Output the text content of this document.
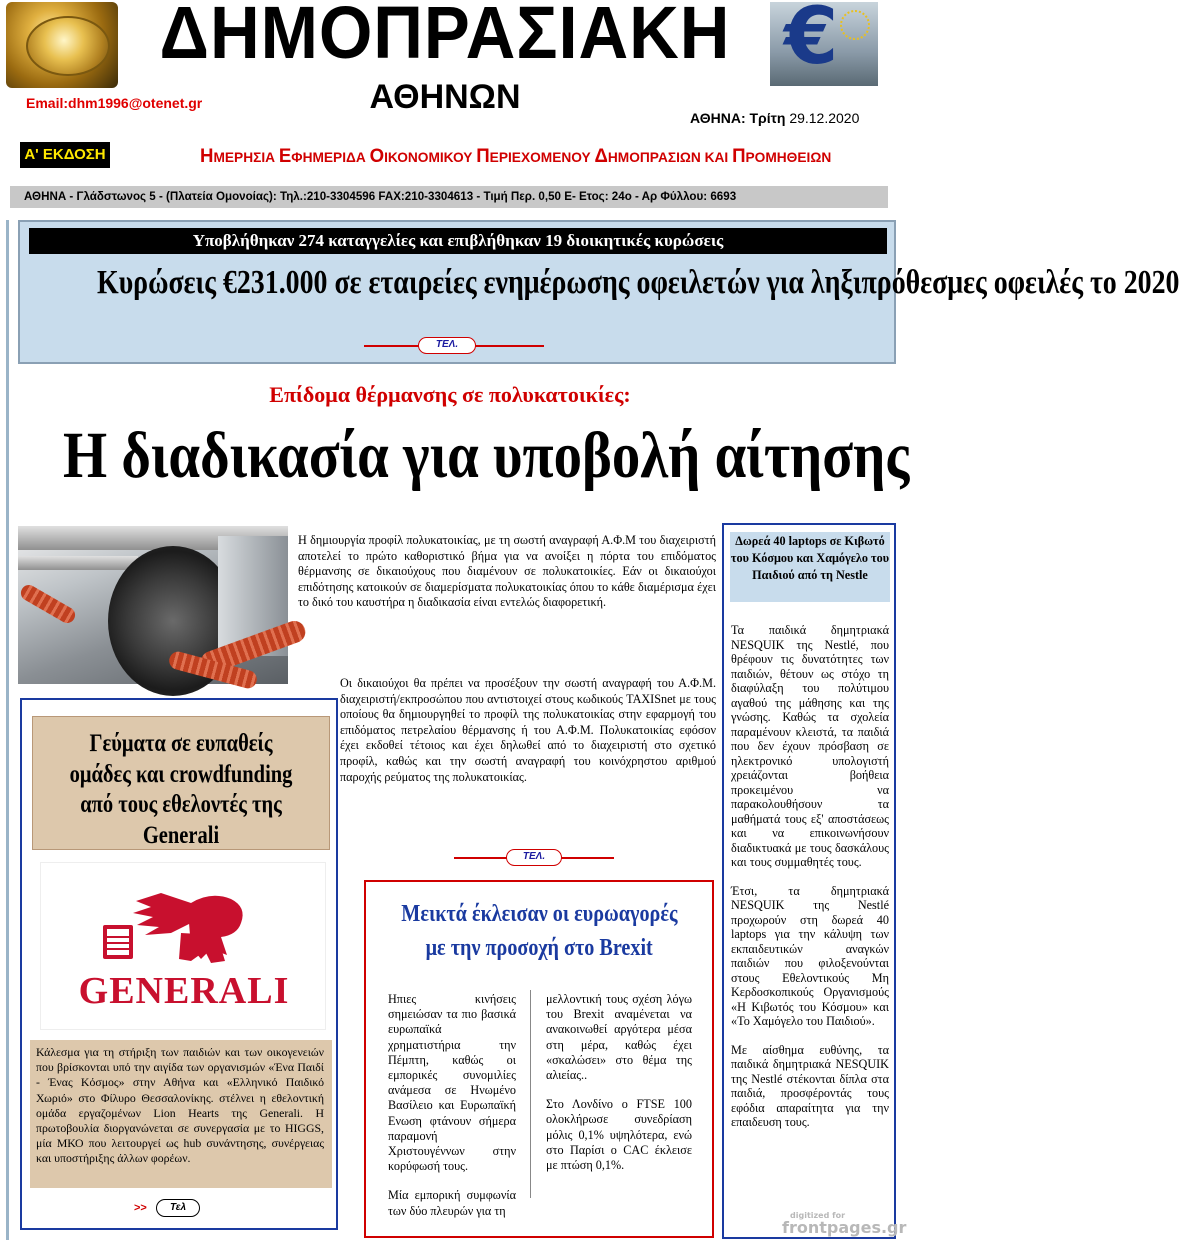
ΔΗΜΟΠΡΑΣΙΑΚΗ €
ΑΘΗΝΩΝ
Email:dhm1996@otenet.gr
ΑΘΗΝΑ: Τρίτη 29.12.2020
Α' ΕΚΔΟΣΗ	ΗΜΕΡΗΣΙΑ ΕΦΗΜΕΡΙΔΑ ΟΙΚΟΝΟΜΙΚΟΥ ΠΕΡΙΕΧΟΜΕΝΟΥ ΔΗΜΟΠΡΑΣΙΩΝ ΚΑΙ ΠΡΟΜΗΘΕΙΩΝ
ΑΘΗΝΑ - Γλάδστωνος 5 - (Πλατεία Ομονοίας): Τηλ.:210-3304596 FAX:210-3304613 - Τιμή Περ. 0,50 Ε- Ετος: 24ο - Αρ Φύλλου: 6693
Υποβλήθηκαν 274 καταγγελίες και επιβλήθηκαν 19 διοικητικές κυρώσεις
Κυρώσεις €231.000 σε εταιρείες ενημέρωσης οφειλετών για ληξιπρόθεσμες οφειλές το 2020
ΤΕΛ.
Επίδομα θέρμανσης σε πολυκατοικίες:
Η διαδικασία για υποβολή αίτησης
Η δημιουργία προφίλ πολυκατοικίας, με τη σωστή αναγραφή Α.Φ.Μ του διαχειριστή αποτελεί το πρώτο καθοριστικό βήμα για να ανοίξει η πόρτα του επιδόματος θέρμανσης σε δικαιούχους που διαμένουν σε πολυκατοικίες. Εάν οι δικαιούχοι επιδότησης κατοικούν σε διαμερίσματα πολυκατοικίας όπου το κάθε διαμέρισμα έχει το δικό του καυστήρα η διαδικασία είναι εντελώς διαφορετική.
Οι δικαιούχοι θα πρέπει να προσέξουν την σωστή αναγραφή του Α.Φ.Μ. διαχειριστή/εκπροσώπου που αντιστοιχεί στους κωδικούς TAXISnet με τους οποίους θα δημιουργηθεί το προφίλ της πολυκατοικίας στην εφαρμογή του επιδόματος πετρελαίου θέρμανσης ή του Α.Φ.Μ. Πολυκατοικίας εφόσον έχει εκδοθεί τέτοιος και έχει δηλωθεί από το διαχειριστή στο σχετικό προφίλ, καθώς και την σωστή αναγραφή του κοινόχρηστου αριθμού παροχής ρεύματος της πολυκατοικίας.
ΤΕΛ.
Δωρεά 40 laptops σε Κιβωτό του Κόσμου και Χαμόγελο του Παιδιού από τη Nestle

Τα παιδικά δημητριακά NESQUIK της Nestlé, που θρέφουν τις δυνατότητες των παιδιών, θέτουν ως στόχο τη διαφύλαξη του πολύτιμου αγαθού της μάθησης και της γνώσης. Καθώς τα σχολεία παραμένουν κλειστά, τα παιδιά που δεν έχουν πρόσβαση σε ηλεκτρονικό υπολογιστή χρειάζονται βοήθεια προκειμένου να παρακολουθήσουν τα μαθήματά τους εξ' αποστάσεως και να επικοινωνήσουν διαδικτυακά με τους δασκάλους και τους συμμαθητές τους.

Έτσι, τα δημητριακά NESQUIK της Nestlé προχωρούν στη δωρεά 40 laptops για την κάλυψη των εκπαιδευτικών αναγκών παιδιών που φιλοξενούνται στους Εθελοντικούς Μη Κερδοσκοπικούς Οργανισμούς «Η Κιβωτός του Κόσμου» και «Το Χαμόγελο του Παιδιού».

Με αίσθημα ευθύνης, τα παιδικά δημητριακά NESQUIK της Nestlé στέκονται δίπλα στα παιδιά, προσφέροντάς τους εφόδια απαραίτητα για την επαιδευση τους.

Γεύματα σε ευπαθείς ομάδες και crowdfunding από τους εθελοντές της Generali
GENERALI
Κάλεσμα για τη στήριξη των παιδιών και των οικογενειών που βρίσκονται υπό την αιγίδα των οργανισμών «Ένα Παιδί - Ένας Κόσμος» στην Αθήνα και «Ελληνικό Παιδικό Χωριό» στο Φίλυρο Θεσσαλονίκης. στέλνει η εθελοντική ομάδα εργαζομένων Lion Hearts της Generali. Η πρωτοβουλία διοργανώνεται σε συνεργασία με το HIGGS, μία ΜΚΟ που λειτουργεί ως hub συνάντησης, συνέργειας και υποστήριξης άλλων φορέων.
>>	Τελ
Μεικτά έκλεισαν οι ευρωαγορές
με την προσοχή στο Brexit

Ηπιες κινήσεις σημειώσαν τα πιο βασικά ευρωπαϊκά χρηματιστήρια την Πέμπτη, καθώς οι εμπορικές συνομιλίες ανάμεσα σε Ηνωμένο Βασίλειο και Ευρωπαϊκή Ενωση φτάνουν σήμερα παραμονή Χριστουγέννων στην κορύφωσή τους.

Μία εμπορική συμφωνία των δύο πλευρών για τη

μελλοντική τους σχέση λόγω του Brexit αναμένεται να ανακοινωθεί αργότερα μέσα στη μέρα, καθώς έχει «σκαλώσει» στο θέμα της αλιείας..

Στο Λονδίνο ο FTSE 100 ολοκλήρωσε συνεδρίαση μόλις 0,1% υψηλότερα, ενώ στο Παρίσι ο CAC έκλεισε με πτώση 0,1%.

digitized for
frontpages.gr
